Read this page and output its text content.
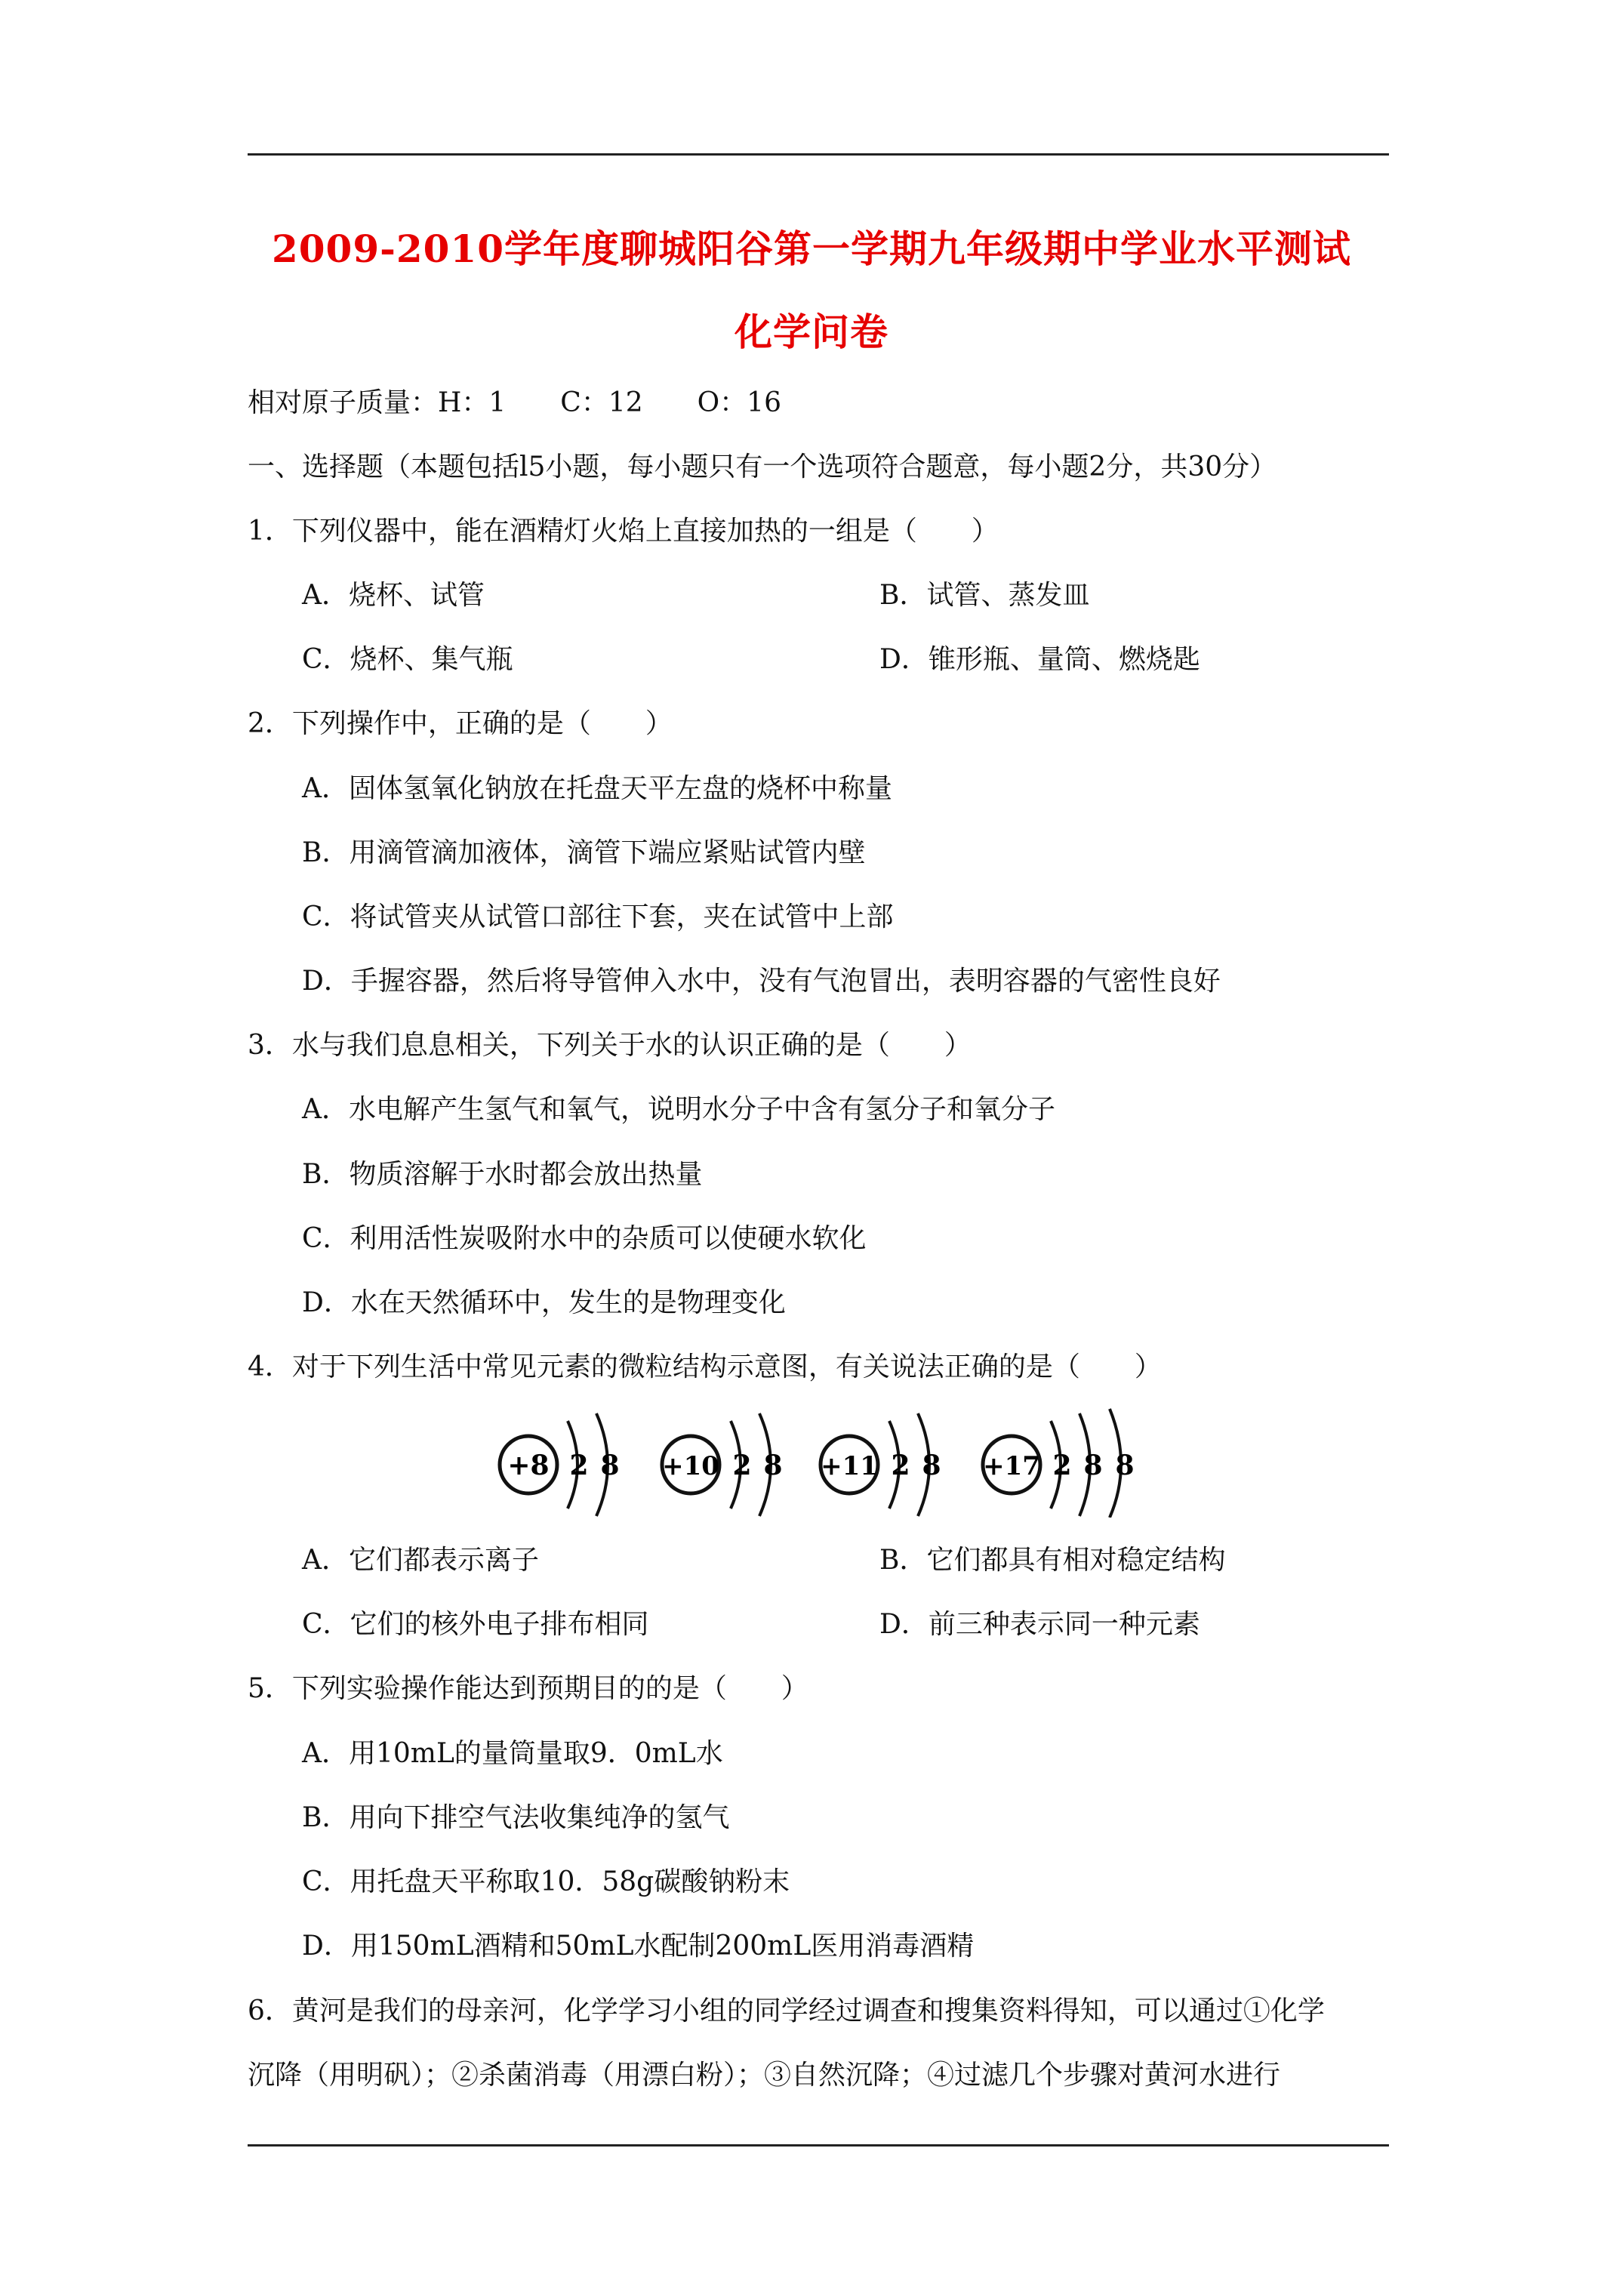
2009-2010学年度聊城阳谷第一学期九年级期中学业水平测试
化学问卷
相对原子质量：H：1　　C：12　　O：16
一、选择题（本题包括l5小题，每小题只有一个选项符合题意，每小题2分，共30分）
1．下列仪器中，能在酒精灯火焰上直接加热的一组是（　　）
A．烧杯、试管	B．试管、蒸发皿
C．烧杯、集气瓶	D．锥形瓶、量筒、燃烧匙
2．下列操作中，正确的是（　　）
A．固体氢氧化钠放在托盘天平左盘的烧杯中称量
B．用滴管滴加液体，滴管下端应紧贴试管内壁
C．将试管夹从试管口部往下套，夹在试管中上部
D．手握容器，然后将导管伸入水中，没有气泡冒出，表明容器的气密性良好
3．水与我们息息相关，下列关于水的认识正确的是（　　）
A．水电解产生氢气和氧气，说明水分子中含有氢分子和氧分子
B．物质溶解于水时都会放出热量
C．利用活性炭吸附水中的杂质可以使硬水软化
D．水在天然循环中，发生的是物理变化
4．对于下列生活中常见元素的微粒结构示意图，有关说法正确的是（　　）
+8 2 8 +10 2 8 +11 2 8 +17 2 8 8
A．它们都表示离子	B．它们都具有相对稳定结构
C．它们的核外电子排布相同	D．前三种表示同一种元素
5．下列实验操作能达到预期目的的是（　　）
A．用10mL的量筒量取9．0mL水
B．用向下排空气法收集纯净的氢气
C．用托盘天平称取10．58g碳酸钠粉末
D．用150mL酒精和50mL水配制200mL医用消毒酒精
6．黄河是我们的母亲河，化学学习小组的同学经过调查和搜集资料得知，可以通过①化学
沉降（用明矾）；②杀菌消毒（用漂白粉）；③自然沉降；④过滤几个步骤对黄河水进行
